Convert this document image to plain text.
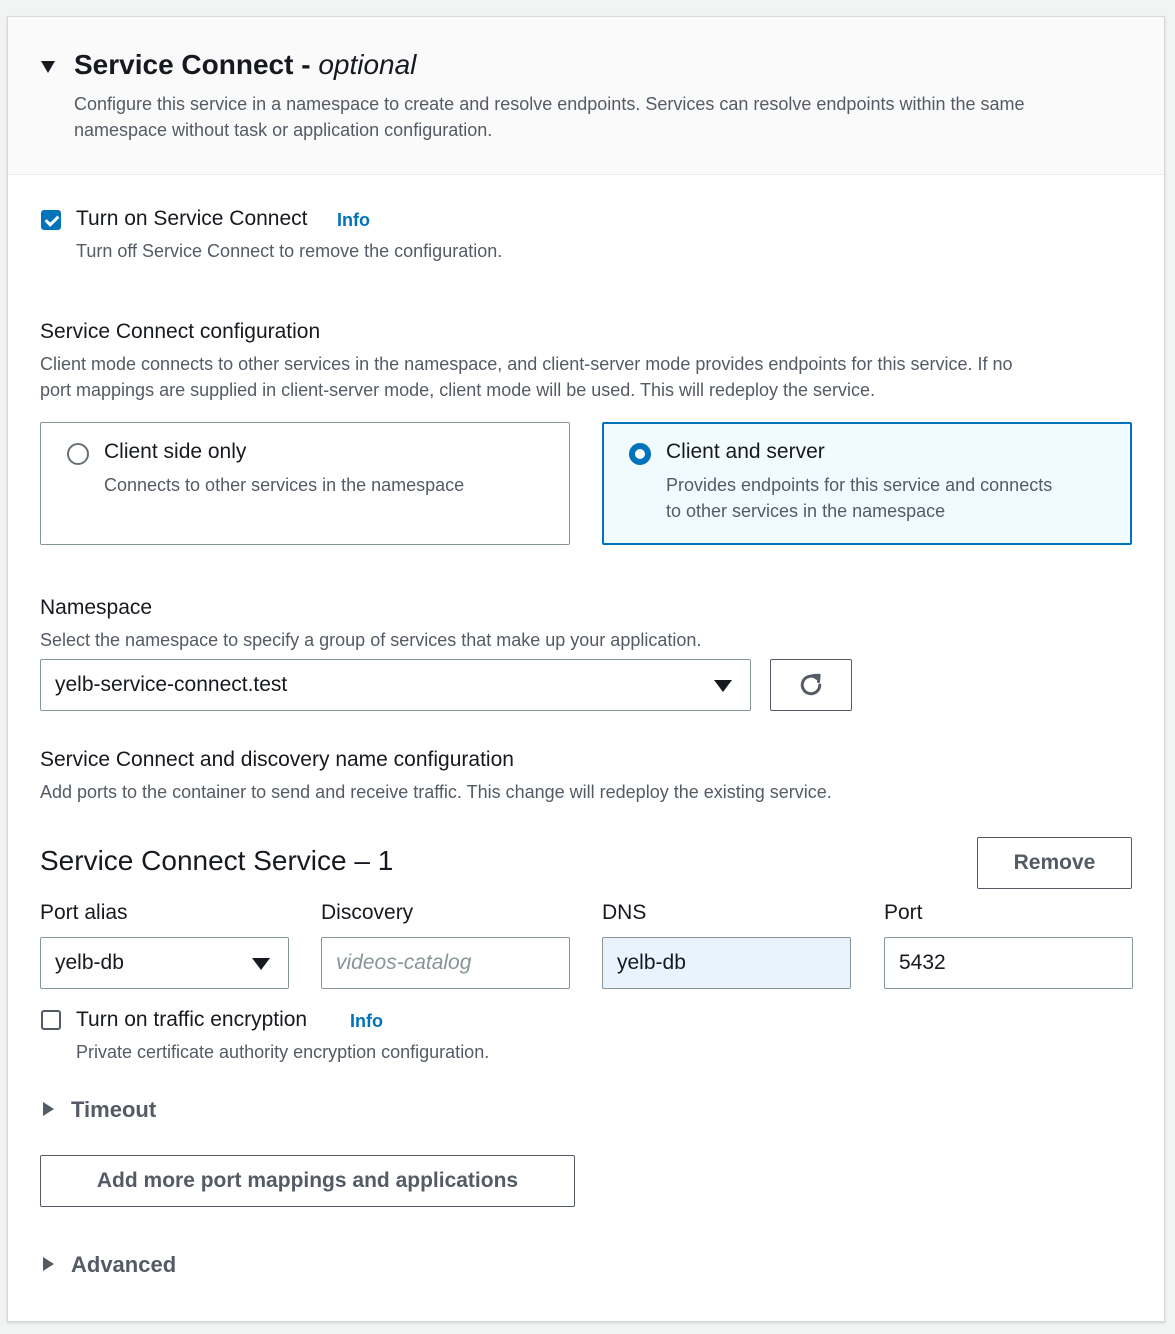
Service Connect - optional
Configure this service in a namespace to create and resolve endpoints. Services can resolve endpoints within the same
namespace without task or application configuration.
Turn on Service Connect Info
Turn off Service Connect to remove the configuration.
Service Connect configuration
Client mode connects to other services in the namespace, and client-server mode provides endpoints for this service. If no
port mappings are supplied in client-server mode, client mode will be used. This will redeploy the service.
Client side only
Connects to other services in the namespace
Client and server
Provides endpoints for this service and connects
to other services in the namespace
Namespace
Select the namespace to specify a group of services that make up your application.
yelb-service-connect.test
Service Connect and discovery name configuration
Add ports to the container to send and receive traffic. This change will redeploy the existing service.
Service Connect Service – 1	Remove
Port alias	Discovery	DNS	Port
yelb-db	videos-catalog	yelb-db	5432
Turn on traffic encryption Info
Private certificate authority encryption configuration.
Timeout
Add more port mappings and applications
Advanced
